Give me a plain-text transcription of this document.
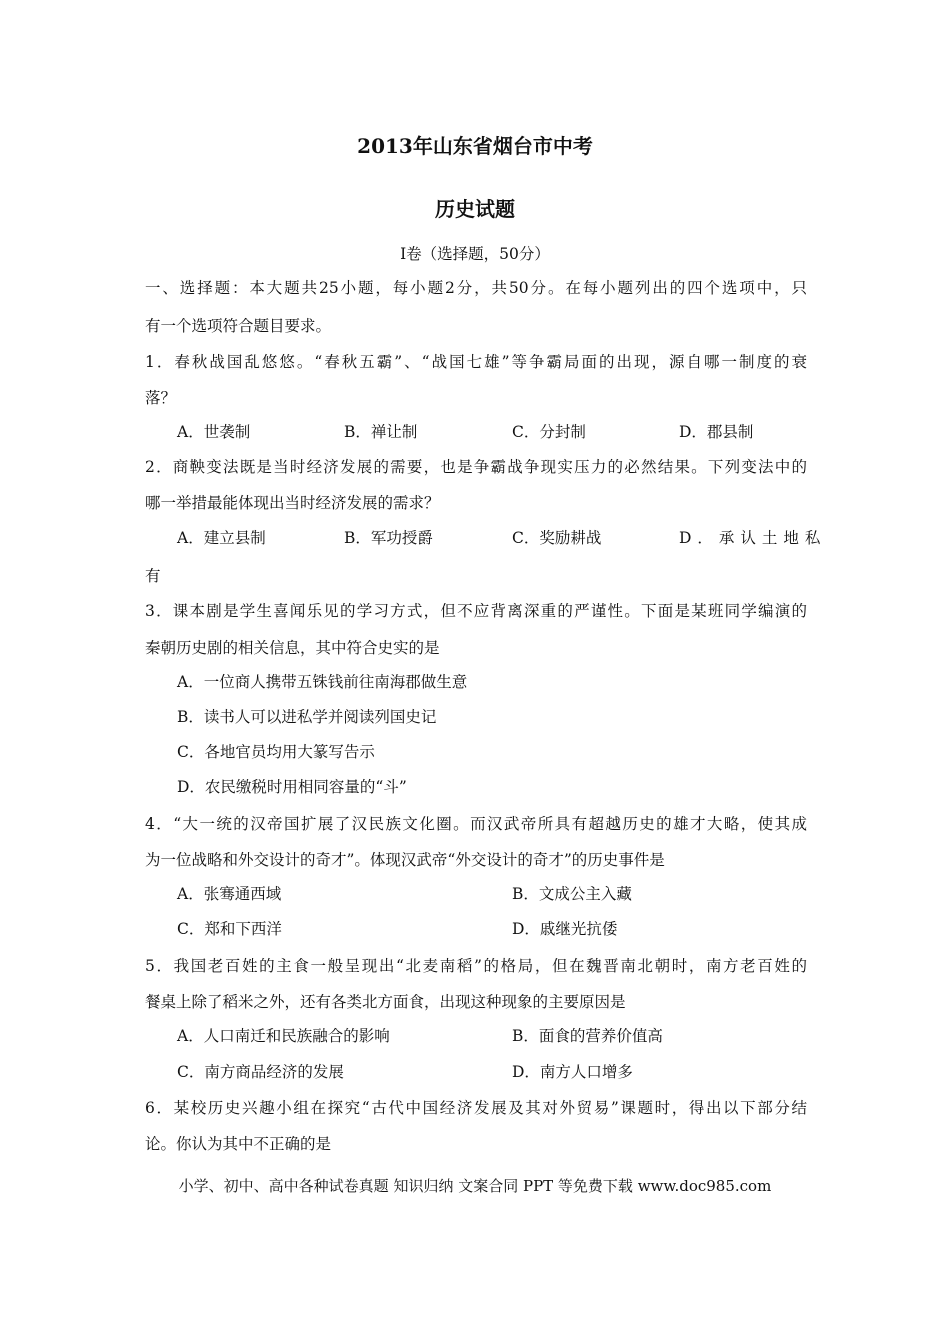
2013年山东省烟台市中考
历史试题
Ⅰ卷（选择题，50分）
一、选择题：本大题共25小题，每小题2分，共50分。在每小题列出的四个选项中，只
有一个选项符合题目要求。
1．春秋战国乱悠悠。“春秋五霸”、“战国七雄”等争霸局面的出现，源自哪一制度的衰
落？
A．世袭制	B．禅让制	C．分封制	D．郡县制
2．商鞅变法既是当时经济发展的需要，也是争霸战争现实压力的必然结果。下列变法中的
哪一举措最能体现出当时经济发展的需求？
A．建立县制	B．军功授爵	C．奖励耕战	D．承认土地私
有
3．课本剧是学生喜闻乐见的学习方式，但不应背离深重的严谨性。下面是某班同学编演的
秦朝历史剧的相关信息，其中符合史实的是
A．一位商人携带五铢钱前往南海郡做生意
B．读书人可以进私学并阅读列国史记
C．各地官员均用大篆写告示
D．农民缴税时用相同容量的“斗”
4．“大一统的汉帝国扩展了汉民族文化圈。而汉武帝所具有超越历史的雄才大略，使其成
为一位战略和外交设计的奇才”。体现汉武帝“外交设计的奇才”的历史事件是
A．张骞通西域	B．文成公主入藏
C．郑和下西洋	D．戚继光抗倭
5．我国老百姓的主食一般呈现出“北麦南稻”的格局，但在魏晋南北朝时，南方老百姓的
餐桌上除了稻米之外，还有各类北方面食，出现这种现象的主要原因是
A．人口南迁和民族融合的影响	B．面食的营养价值高
C．南方商品经济的发展	D．南方人口增多
6．某校历史兴趣小组在探究“古代中国经济发展及其对外贸易”课题时，得出以下部分结
论。你认为其中不正确的是
小学、初中、高中各种试卷真题 知识归纳 文案合同 PPT 等免费下载 www.doc985.com
